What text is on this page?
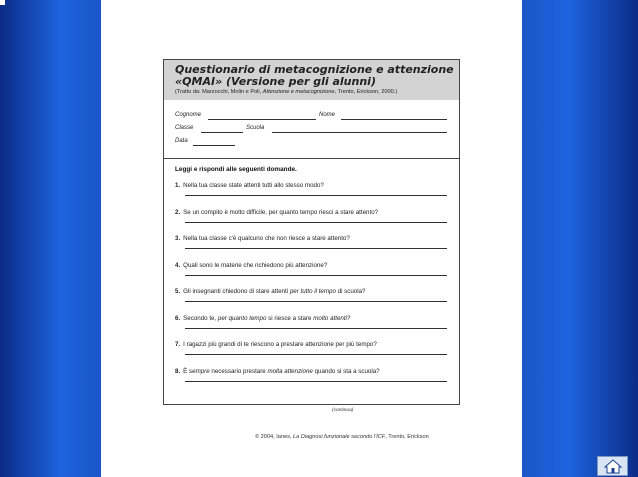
Questionario di metacognizione e attenzione
«QMAI» (Versione per gli alunni)
(Tratto da: Marzocchi, Molin e Poli, Attenzione e metacognizione, Trento, Erickson, 2000.)
Cognome	Nome
Classe	Scuola
Data
Leggi e rispondi alle seguenti domande.
1. Nella tua classe state attenti tutti allo stesso modo?
2. Se un compito è molto difficile, per quanto tempo riesci a stare attento?
3. Nella tua classe c'è qualcuno che non riesce a stare attento?
4. Quali sono le materie che richiedono più attenzione?
5. Gli insegnanti chiedono di stare attenti per tutto il tempo di scuola?
6. Secondo te, per quanto tempo si riesce a stare molto attenti?
7. I ragazzi più grandi di te riescono a prestare attenzione per più tempo?
8. È sempre necessario prestare molta attenzione quando si sta a scuola?
(continua)
© 2004, Ianes, La Diagnosi funzionale secondo l'ICF, Trento, Erickson
